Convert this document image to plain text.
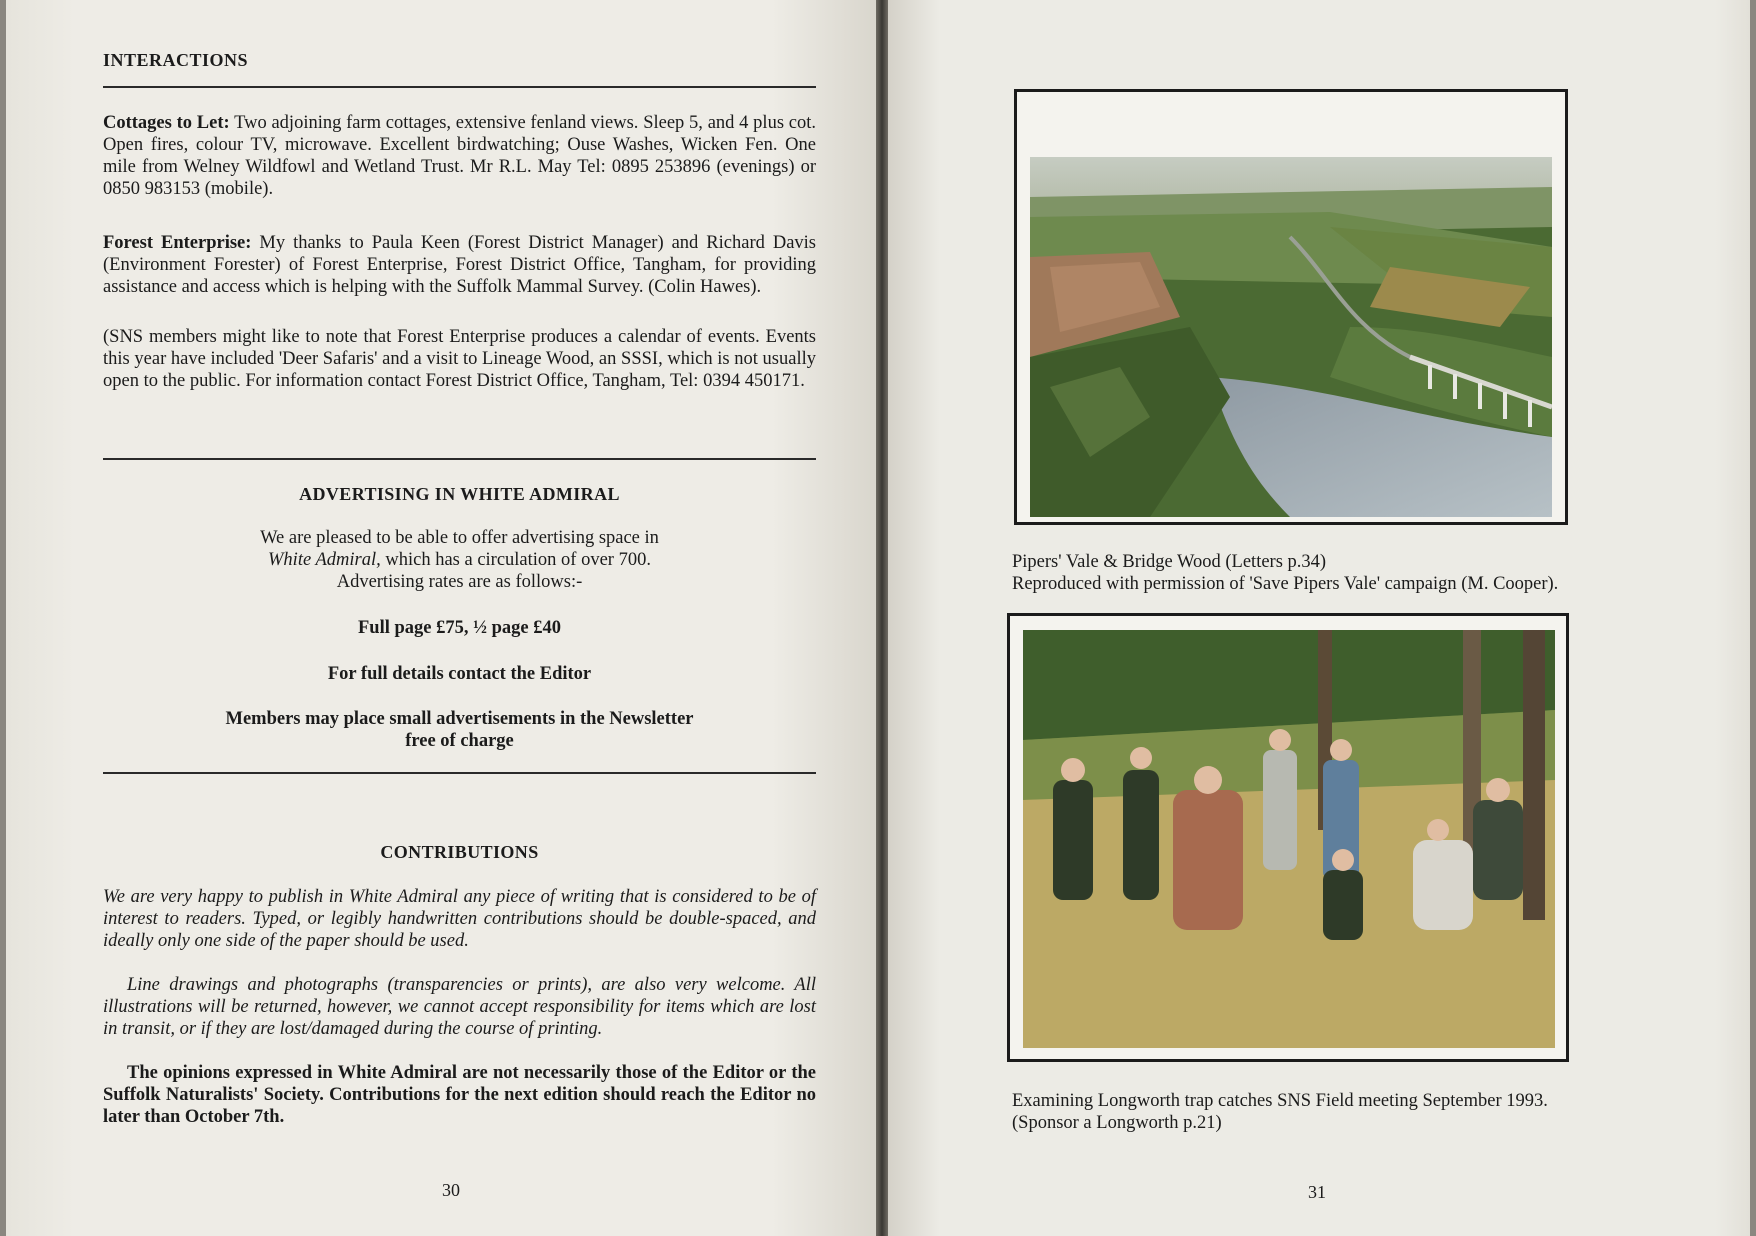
INTERACTIONS

Cottages to Let: Two adjoining farm cottages, extensive fenland views. Sleep 5, and 4 plus cot. Open fires, colour TV, microwave. Excellent birdwatching; Ouse Washes, Wicken Fen. One mile from Welney Wildfowl and Wetland Trust. Mr R.L. May Tel: 0895 253896 (evenings) or 0850 983153 (mobile).

Forest Enterprise: My thanks to Paula Keen (Forest District Manager) and Richard Davis (Environment Forester) of Forest Enterprise, Forest District Office, Tangham, for providing assistance and access which is helping with the Suffolk Mammal Survey. (Colin Hawes).

(SNS members might like to note that Forest Enterprise produces a calendar of events. Events this year have included 'Deer Safaris' and a visit to Lineage Wood, an SSSI, which is not usually open to the public. For information contact Forest District Office, Tangham, Tel: 0394 450171.

ADVERTISING IN WHITE ADMIRAL
We are pleased to be able to offer advertising space in
White Admiral, which has a circulation of over 700.
Advertising rates are as follows:-
Full page £75, ½ page £40
For full details contact the Editor
Members may place small advertisements in the Newsletter
free of charge
CONTRIBUTIONS

We are very happy to publish in White Admiral any piece of writing that is considered to be of interest to readers. Typed, or legibly handwritten contributions should be double-spaced, and ideally only one side of the paper should be used.

Line drawings and photographs (transparencies or prints), are also very welcome. All illustrations will be returned, however, we cannot accept responsibility for items which are lost in transit, or if they are lost/damaged during the course of printing.

The opinions expressed in White Admiral are not necessarily those of the Editor or the Suffolk Naturalists' Society. Contributions for the next edition should reach the Editor no later than October 7th.

30
Pipers' Vale & Bridge Wood (Letters p.34)
Reproduced with permission of 'Save Pipers Vale' campaign (M. Cooper).
Examining Longworth trap catches SNS Field meeting September 1993.
(Sponsor a Longworth p.21)
31
